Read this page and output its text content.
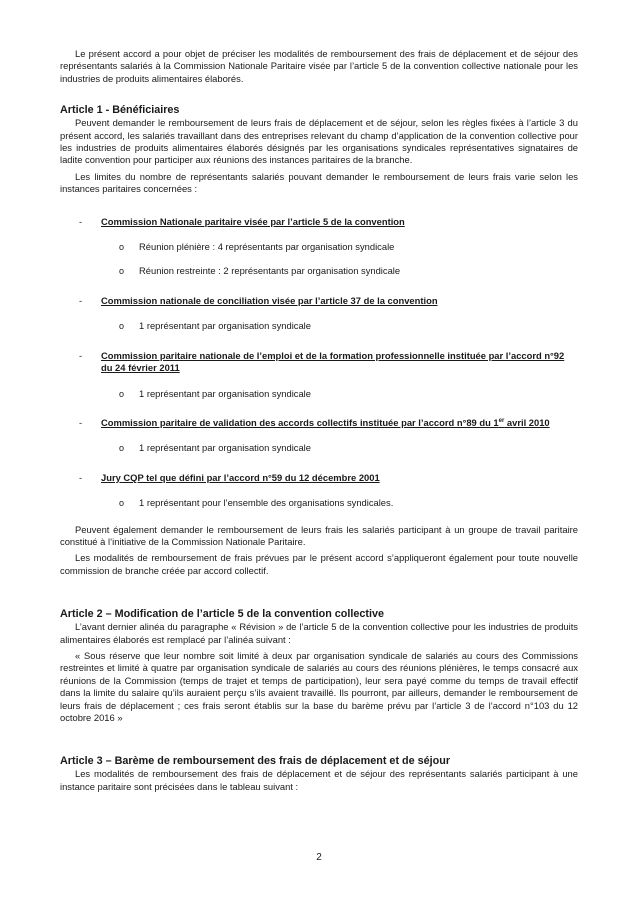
Le présent accord a pour objet de préciser les modalités de remboursement des frais de déplacement et de séjour des représentants salariés à la Commission Nationale Paritaire visée par l’article 5 de la convention collective nationale pour les industries de produits alimentaires élaborés.

Article 1 - Bénéficiaires

Peuvent demander le remboursement de leurs frais de déplacement et de séjour, selon les règles fixées à l’article 3 du présent accord, les salariés travaillant dans des entreprises relevant du champ d’application de la convention collective pour les industries de produits alimentaires élaborés désignés par les organisations syndicales représentatives signataires de ladite convention pour participer aux réunions des instances paritaires de la branche.

Les limites du nombre de représentants salariés pouvant demander le remboursement de leurs frais varie selon les instances paritaires concernées :

- Commission Nationale paritaire visée par l’article 5 de la convention
o Réunion plénière : 4 représentants par organisation syndicale
o Réunion restreinte : 2 représentants par organisation syndicale
- Commission nationale de conciliation visée par l’article 37 de la convention
o 1 représentant par organisation syndicale
- Commission paritaire nationale de l’emploi et de la formation professionnelle instituée par l’accord n°92 du 24 février 2011
o 1 représentant par organisation syndicale
- Commission paritaire de validation des accords collectifs instituée par l’accord n°89 du 1er avril 2010
o 1 représentant par organisation syndicale
- Jury CQP tel que défini par l’accord n°59 du 12 décembre 2001
o 1 représentant pour l’ensemble des organisations syndicales.

Peuvent également demander le remboursement de leurs frais les salariés participant à un groupe de travail paritaire constitué à l’initiative de la Commission Nationale Paritaire.

Les modalités de remboursement de frais prévues par le présent accord s’appliqueront également pour toute nouvelle commission de branche créée par accord collectif.

Article 2 – Modification de l’article 5 de la convention collective

L’avant dernier alinéa du paragraphe « Révision » de l’article 5 de la convention collective pour les industries de produits alimentaires élaborés est remplacé par l’alinéa suivant :

« Sous réserve que leur nombre soit limité à deux par organisation syndicale de salariés au cours des Commissions restreintes et limité à quatre par organisation syndicale de salariés au cours des réunions plénières, le temps consacré aux réunions de la Commission (temps de trajet et temps de participation), leur sera payé comme du temps de travail effectif dans la limite du salaire qu’ils auraient perçu s’ils avaient travaillé. Ils pourront, par ailleurs, demander le remboursement de leurs frais de déplacement ; ces frais seront établis sur la base du barème prévu par l’article 3 de l’accord n°103 du 12 octobre 2016 »

Article 3 – Barème de remboursement des frais de déplacement et de séjour

Les modalités de remboursement des frais de déplacement et de séjour des représentants salariés participant à une instance paritaire sont précisées dans le tableau suivant :

2
